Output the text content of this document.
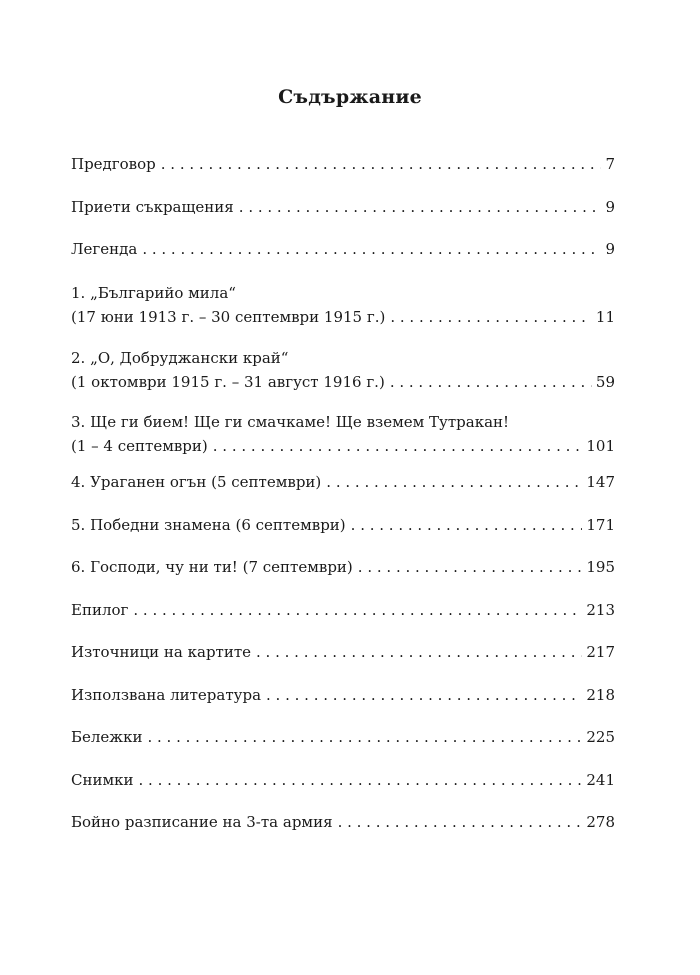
Съдържание
Предговор . . .	7
Приети съкращения . . .	9
Легенда . . .	9
1. „Българийо мила“
(17 юни 1913 г. – 30 септември 1915 г.) . . .	11
2. „О, Добруджански край“
(1 октомври 1915 г. – 31 август 1916 г.) . . .	59
3. Ще ги бием! Ще ги смачкаме! Ще вземем Тутракан!
(1 – 4 септември) . . .	101
4. Ураганен огън (5 септември) . . .	147
5. Победни знамена (6 септември) . . .	171
6. Господи, чу ни ти! (7 септември) . . .	195
Епилог . . .	213
Източници на картите . . .	217
Използвана литература . . .	218
Бележки . . .	225
Снимки . . .	241
Бойно разписание на 3-та армия . . .	278
